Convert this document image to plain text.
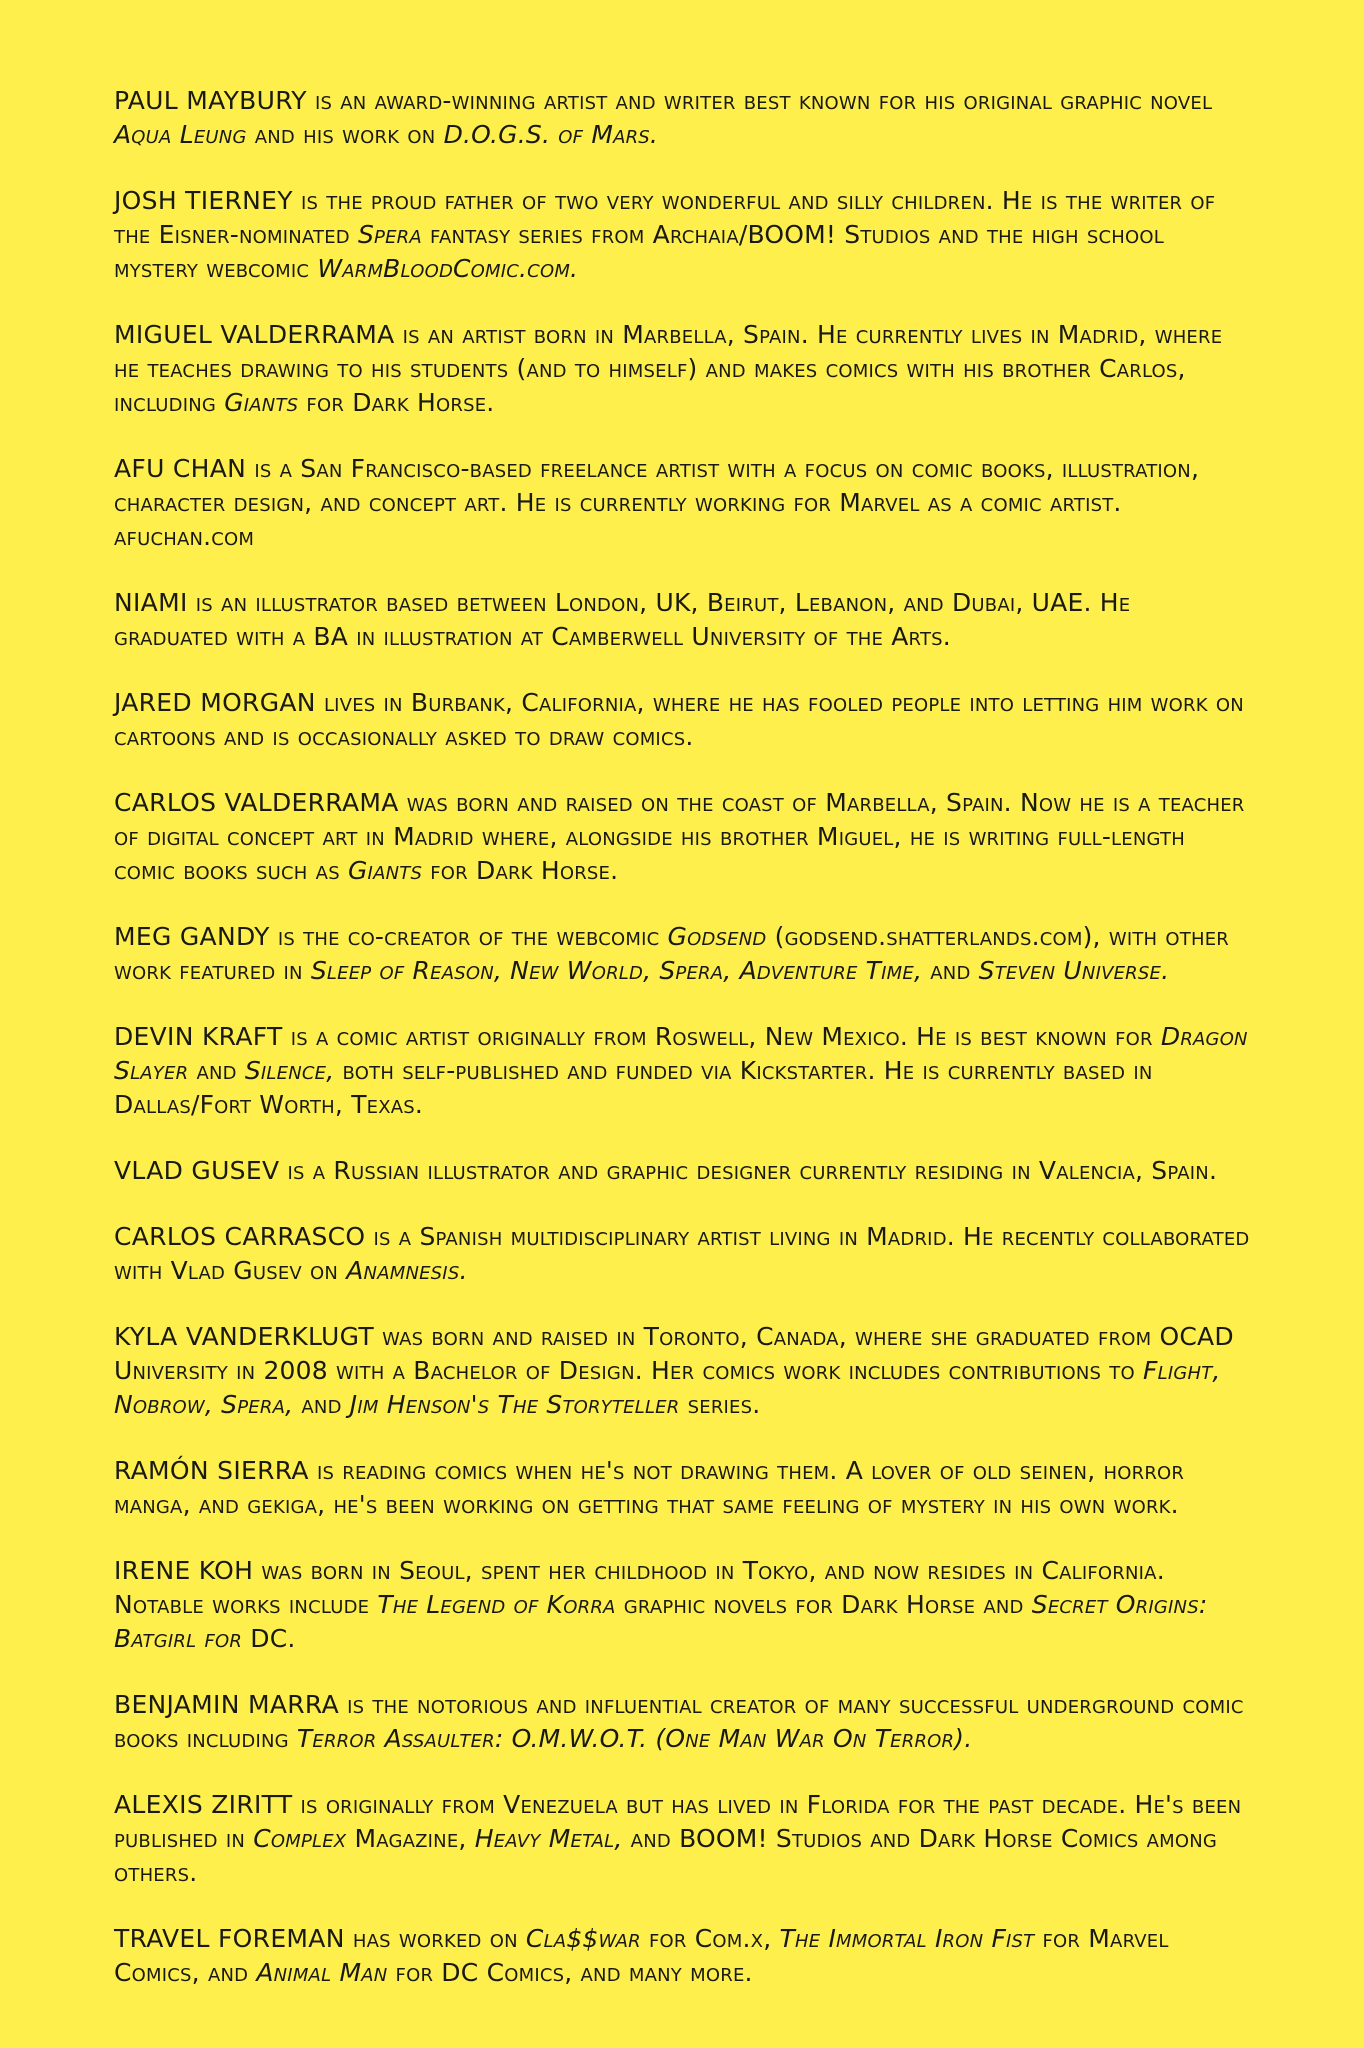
PAUL MAYBURY is an award-winning artist and writer best known for his original graphic novel Aqua Leung and his work on D.O.G.S. of Mars.

JOSH TIERNEY is the proud father of two very wonderful and silly children. He is the writer of the Eisner-nominated Spera fantasy series from Archaia/BOOM! Studios and the high school mystery webcomic WarmBloodComic.com.

MIGUEL VALDERRAMA is an artist born in Marbella, Spain. He currently lives in Madrid, where he teaches drawing to his students (and to himself) and makes comics with his brother Carlos, including Giants for Dark Horse.

AFU CHAN is a San Francisco-based freelance artist with a focus on comic books, illustration, character design, and concept art. He is currently working for Marvel as a comic artist. afuchan.com

NIAMI is an illustrator based between London, UK, Beirut, Lebanon, and Dubai, UAE. He graduated with a BA in illustration at Camberwell University of the Arts.

JARED MORGAN lives in Burbank, California, where he has fooled people into letting him work on cartoons and is occasionally asked to draw comics.

CARLOS VALDERRAMA was born and raised on the coast of Marbella, Spain. Now he is a teacher of digital concept art in Madrid where, alongside his brother Miguel, he is writing full-length comic books such as Giants for Dark Horse.

MEG GANDY is the co-creator of the webcomic Godsend (godsend.shatterlands.com), with other work featured in Sleep of Reason, New World, Spera, Adventure Time, and Steven Universe.

DEVIN KRAFT is a comic artist originally from Roswell, New Mexico. He is best known for Dragon Slayer and Silence, both self-published and funded via Kickstarter. He is currently based in Dallas/Fort Worth, Texas.

VLAD GUSEV is a Russian illustrator and graphic designer currently residing in Valencia, Spain.

CARLOS CARRASCO is a Spanish multidisciplinary artist living in Madrid. He recently collaborated with Vlad Gusev on Anamnesis.

KYLA VANDERKLUGT was born and raised in Toronto, Canada, where she graduated from OCAD University in 2008 with a Bachelor of Design. Her comics work includes contributions to Flight, Nobrow, Spera, and Jim Henson's The Storyteller series.

RAMÓN SIERRA is reading comics when he's not drawing them. A lover of old seinen, horror manga, and gekiga, he's been working on getting that same feeling of mystery in his own work.

IRENE KOH was born in Seoul, spent her childhood in Tokyo, and now resides in California. Notable works include The Legend of Korra graphic novels for Dark Horse and Secret Origins: Batgirl for DC.

BENJAMIN MARRA is the notorious and influential creator of many successful underground comic books including Terror Assaulter: O.M.W.O.T. (One Man War On Terror).

ALEXIS ZIRITT is originally from Venezuela but has lived in Florida for the past decade. He's been published in Complex Magazine, Heavy Metal, and BOOM! Studios and Dark Horse Comics among others.

TRAVEL FOREMAN has worked on Cla$$war for Com.x, The Immortal Iron Fist for Marvel Comics, and Animal Man for DC Comics, and many more.
